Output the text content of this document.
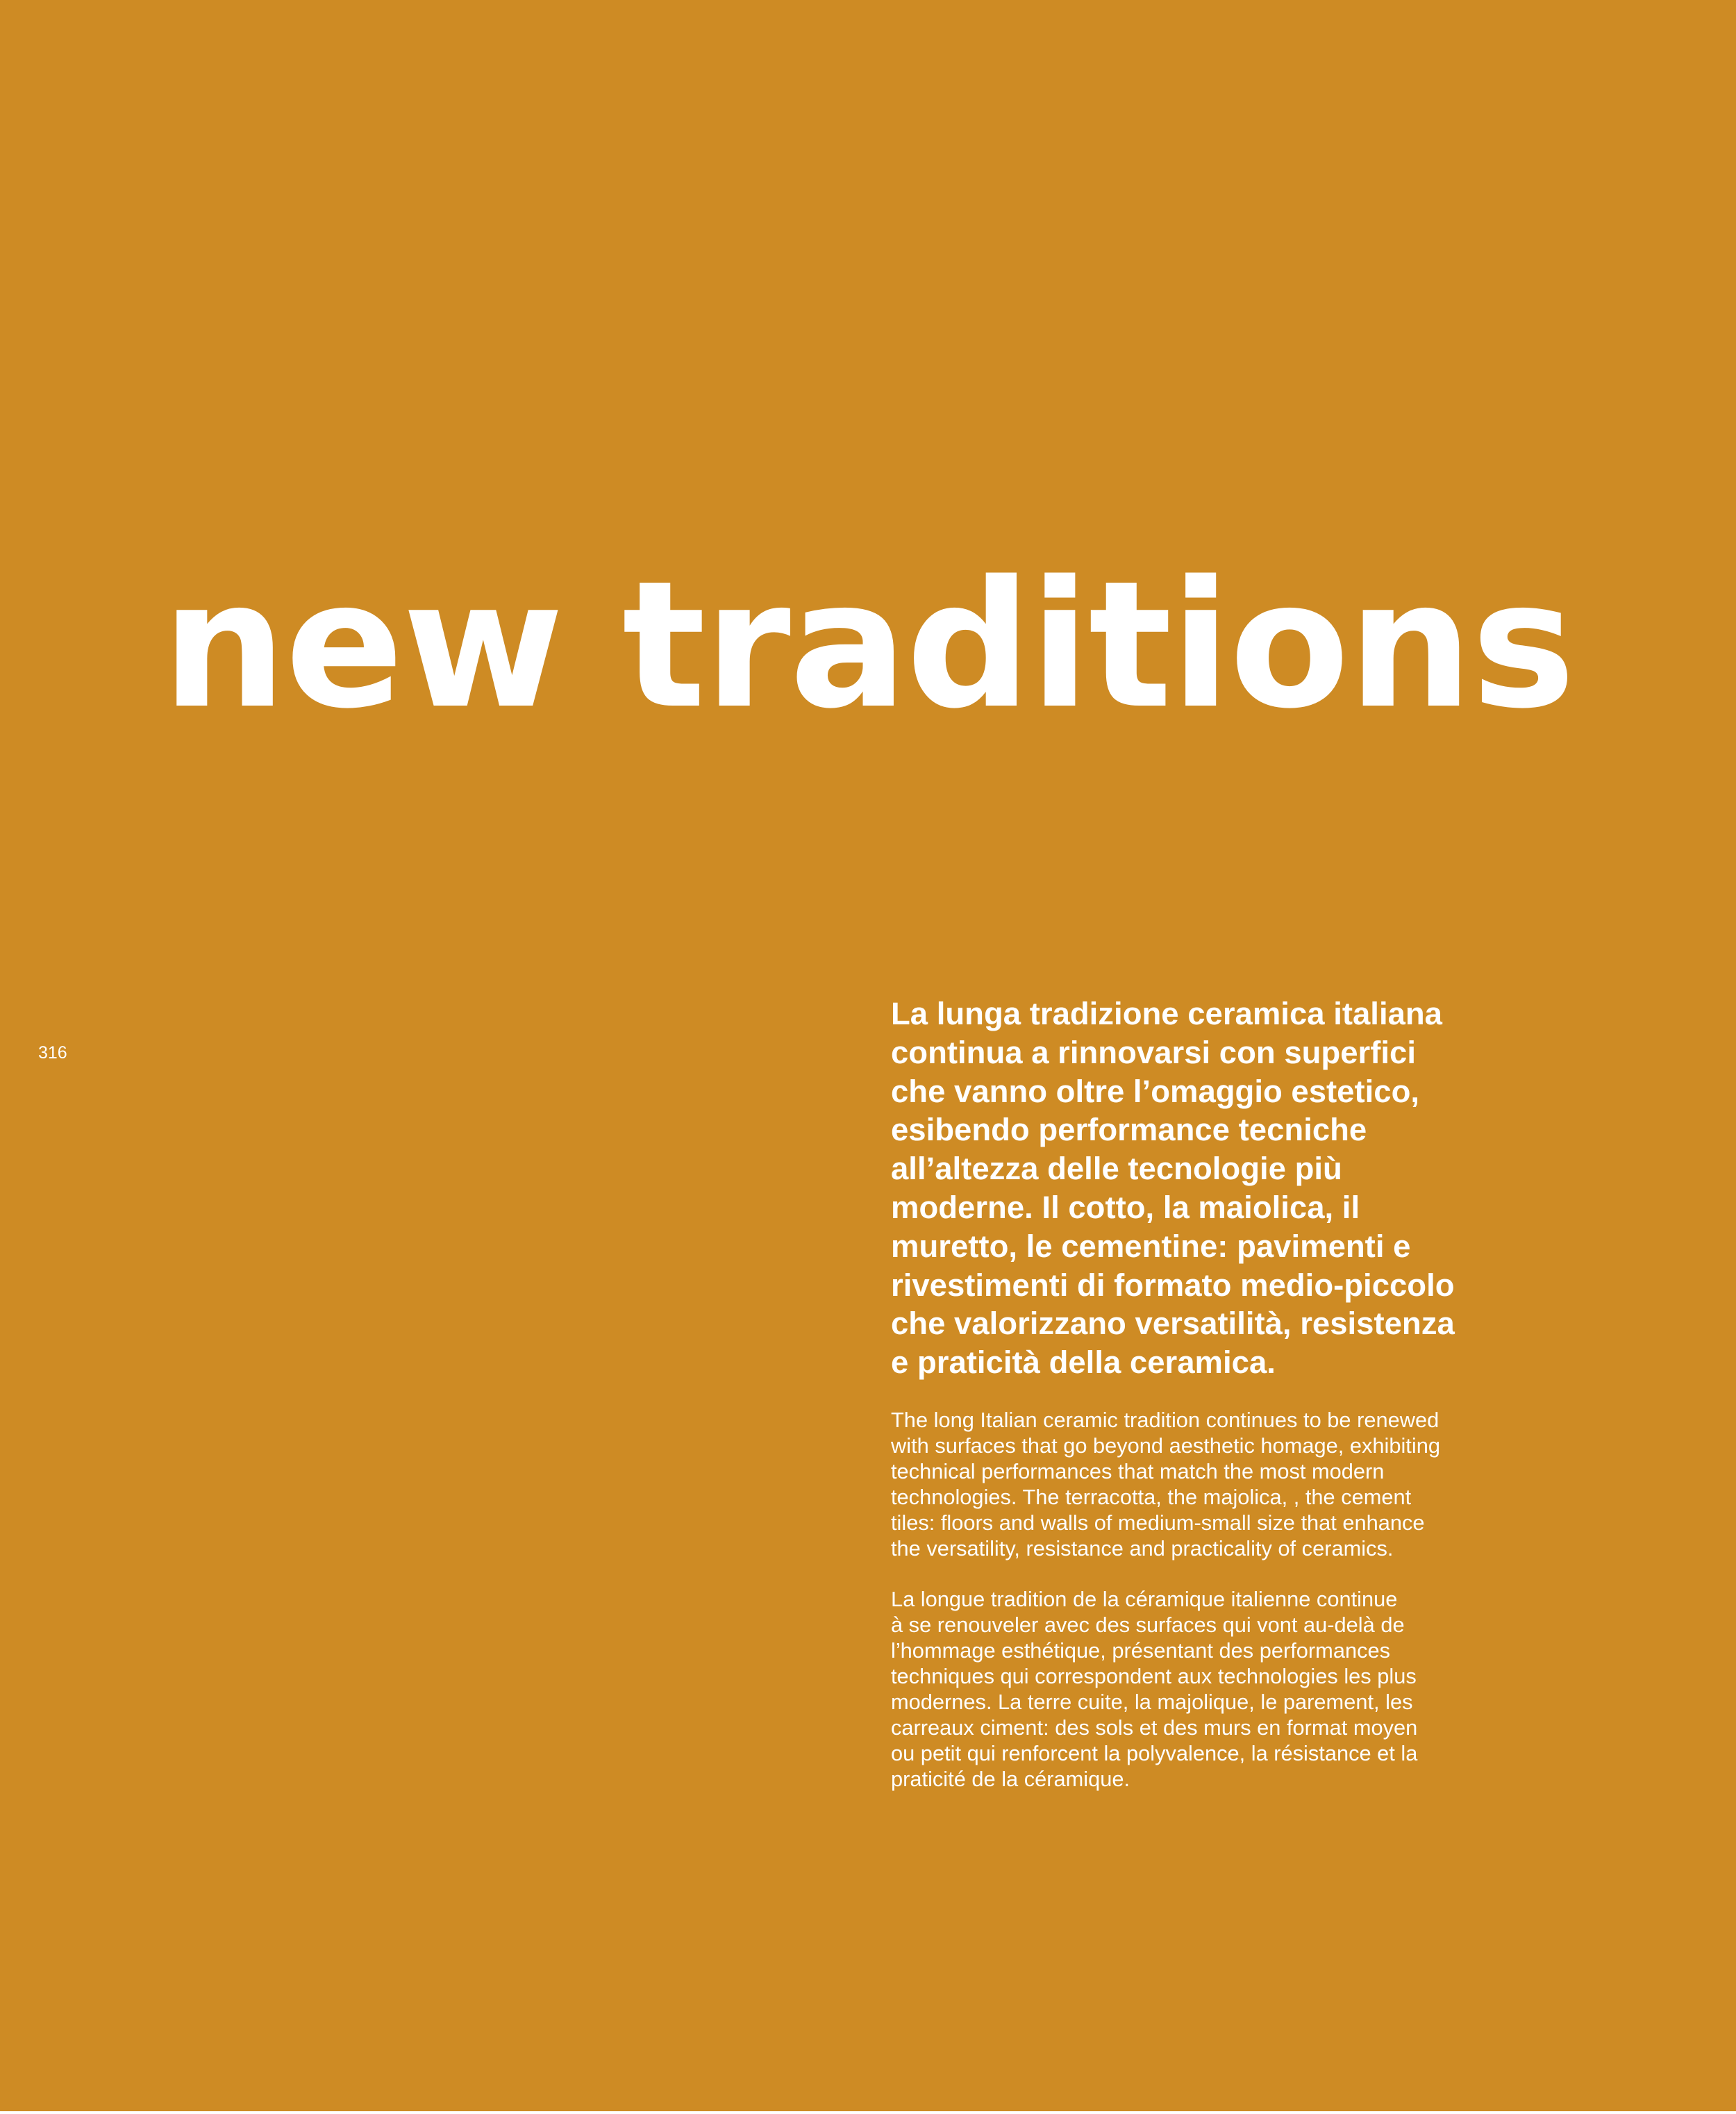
new traditions
316

La lunga tradizione ceramica italiana
continua a rinnovarsi con superfici
che vanno oltre l’omaggio estetico,
esibendo performance tecniche
all’altezza delle tecnologie più
moderne. Il cotto, la maiolica, il
muretto, le cementine: pavimenti e
rivestimenti di formato medio-piccolo
che valorizzano versatilità, resistenza
e praticità della ceramica.

The long Italian ceramic tradition continues to be renewed
with surfaces that go beyond aesthetic homage, exhibiting
technical performances that match the most modern
technologies. The terracotta, the majolica, , the cement
tiles: floors and walls of medium-small size that enhance
the versatility, resistance and practicality of ceramics.

La longue tradition de la céramique italienne continue
à se renouveler avec des surfaces qui vont au-delà de
l’hommage esthétique, présentant des performances
techniques qui correspondent aux technologies les plus
modernes. La terre cuite, la majolique, le parement, les
carreaux ciment: des sols et des murs en format moyen
ou petit qui renforcent la polyvalence, la résistance et la
praticité de la céramique.
